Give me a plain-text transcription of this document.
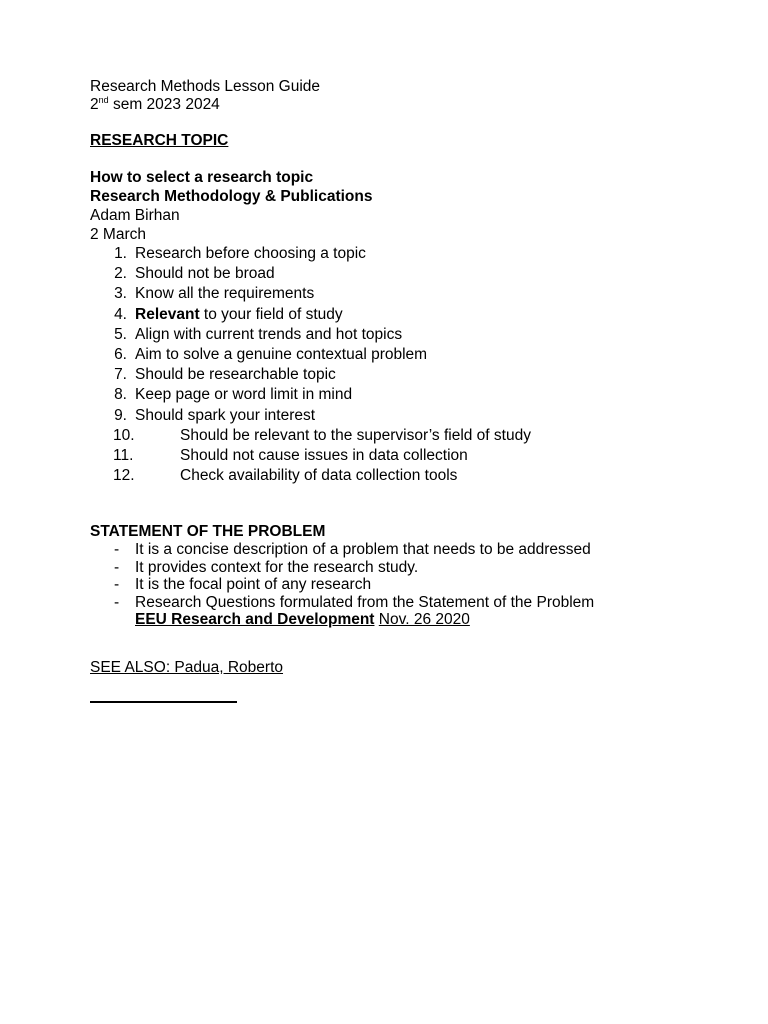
Research Methods Lesson Guide
2nd sem 2023 2024
RESEARCH TOPIC
How to select a research topic
Research Methodology & Publications
Adam Birhan
2 March
1. Research before choosing a topic
2. Should not be broad
3. Know all the requirements
4. Relevant to your field of study
5. Align with current trends and hot topics
6. Aim to solve a genuine contextual problem
7. Should be researchable topic
8. Keep page or word limit in mind
9. Should spark your interest
10.	Should be relevant to the supervisor’s field of study
11.	Should not cause issues in data collection
12.	Check availability of data collection tools
STATEMENT OF THE PROBLEM
- It is a concise description of a problem that needs to be addressed
- It provides context for the research study.
- It is the focal point of any research
- Research Questions formulated from the Statement of the Problem
EEU Research and Development Nov. 26 2020
SEE ALSO: Padua, Roberto
